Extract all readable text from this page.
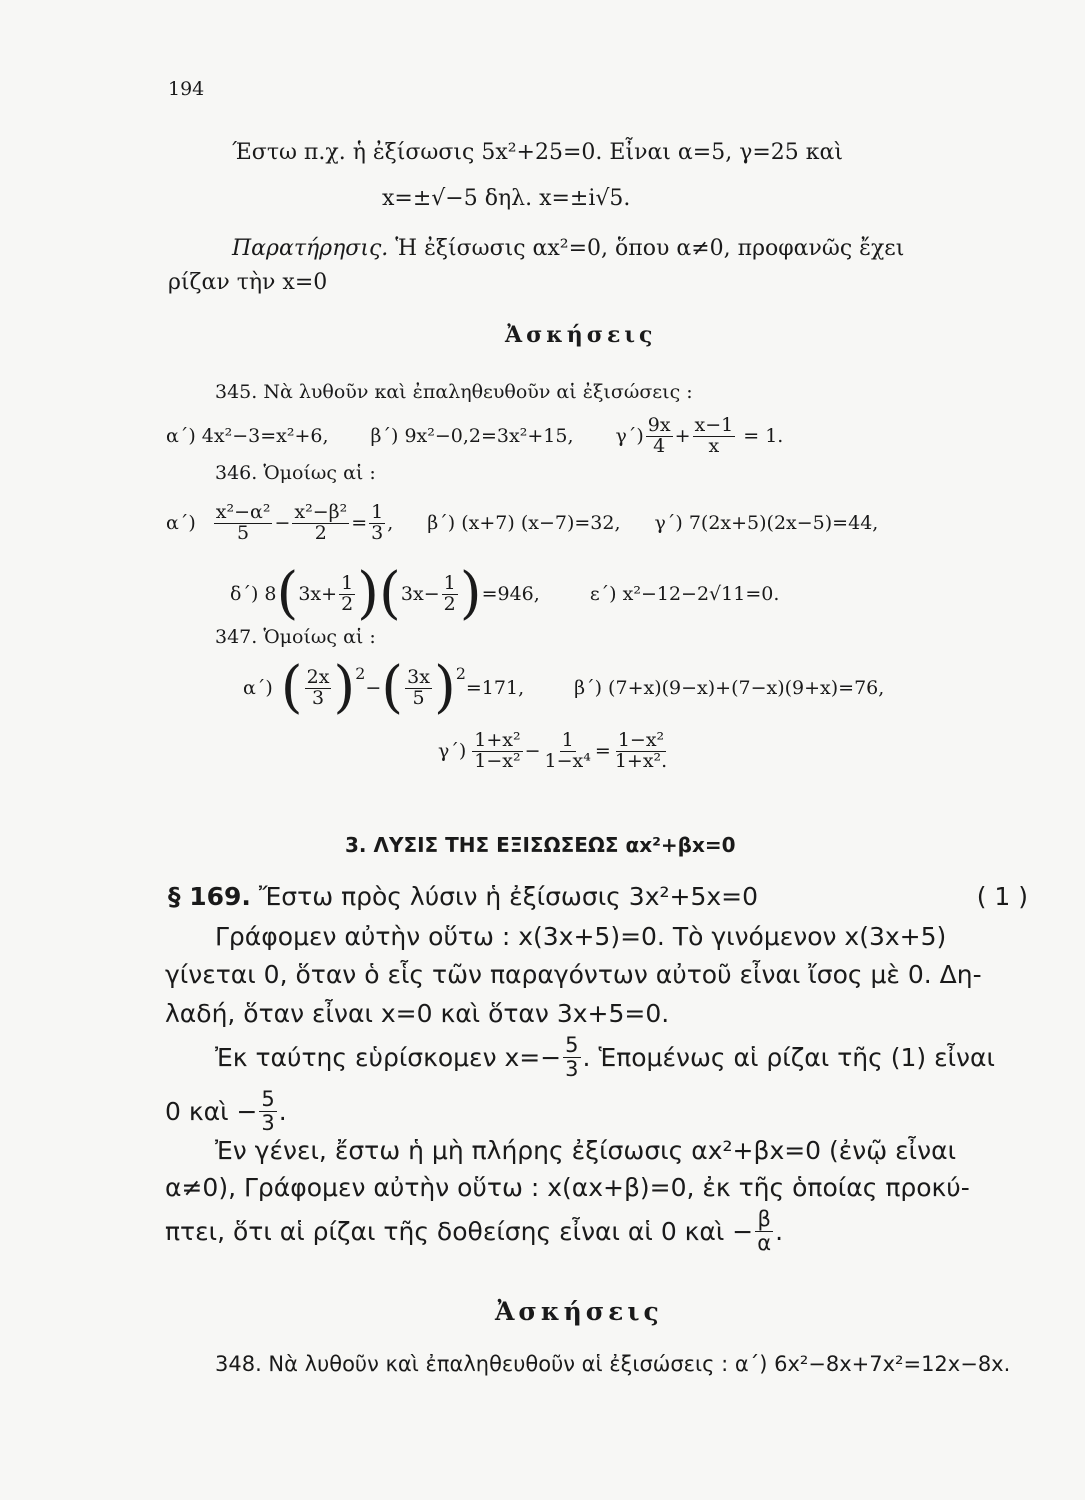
194
Έστω π.χ. ἡ ἐξίσωσις 5x²+25=0. Εἶναι α=5, γ=25 καὶ
x=±√−5 δηλ. x=±i√5.
Παρατήρησις. Ἡ ἐξίσωσις αx²=0, ὅπου α≠0, προφανῶς ἔχει
ρίζαν τὴν x=0
Ἀσκήσεις
345. Νὰ λυθοῦν καὶ ἐπαληθευθοῦν αἱ ἐξισώσεις :
α΄) 4x²−3=x²+6, β΄) 9x²−0,2=3x²+15, $\gamma΄) \frac{9x}{4} + \frac{x-1}{x} = 1$.
346. Ὁμοίως αἱ :
$\alpha΄) \frac{\text{x²−α²}}{5} - \frac{\text{x²−β²}}{2} = \frac{1}{3}$ , β΄) (x+7) (x−7)=32, γ΄) 7(2x+5)(2x−5)=44,
δ΄) 8 ( $3x+ \frac{1}{2}$ ) ( $3x- \frac{1}{2}$ ) =946,	ε΄) x²−12−2√11=0.
347. Ὁμοίως αἱ :
α΄) ( $\frac{2x}{3} )^2$
− ( $\frac{3x}{5} )^2$
=171,	β΄) (7+x)(9−x)+(7−x)(9+x)=76,
$\gamma΄) \frac{\text{1+x²}}{\text{1−x²}} - \frac{1}{\text{1−x⁴}} = \frac{\text{1−x²}}{\text{1+x².}}$
3. ΛΥΣΙΣ ΤΗΣ ΕΞΙΣΩΣΕΩΣ αx²+βx=0
§ 169. Ἔστω πρὸς λύσιν ἡ ἐξίσωσις 3x²+5x=0	( 1 )
Γράφομεν αὐτὴν οὕτω : x(3x+5)=0. Τὸ γινόμενον x(3x+5)
γίνεται 0, ὅταν ὁ εἷς τῶν παραγόντων αὐτοῦ εἶναι ἴσος μὲ 0. Δη-
λαδή, ὅταν εἶναι x=0 καὶ ὅταν 3x+5=0.
Ἐκ ταύτης εὑρίσκομεν $x=- \frac{5}{3}$ . Ἑπομένως αἱ ρίζαι τῆς (1) εἶναι
0 καὶ − $\frac{5}{3}$ .
Ἐν γένει, ἔστω ἡ μὴ πλήρης ἐξίσωσις αx²+βx=0 (ἐνῷ εἶναι
α≠0), Γράφομεν αὐτὴν οὕτω : x(αx+β)=0, ἐκ τῆς ὁποίας προκύ-
πτει, ὅτι αἱ ρίζαι τῆς δοθείσης εἶναι αἱ 0 καὶ − $\frac{\beta}{\alpha}$ .
Ἀσκήσεις
348. Νὰ λυθοῦν καὶ ἐπαληθευθοῦν αἱ ἐξισώσεις : α΄) 6x²−8x+7x²=12x−8x.
